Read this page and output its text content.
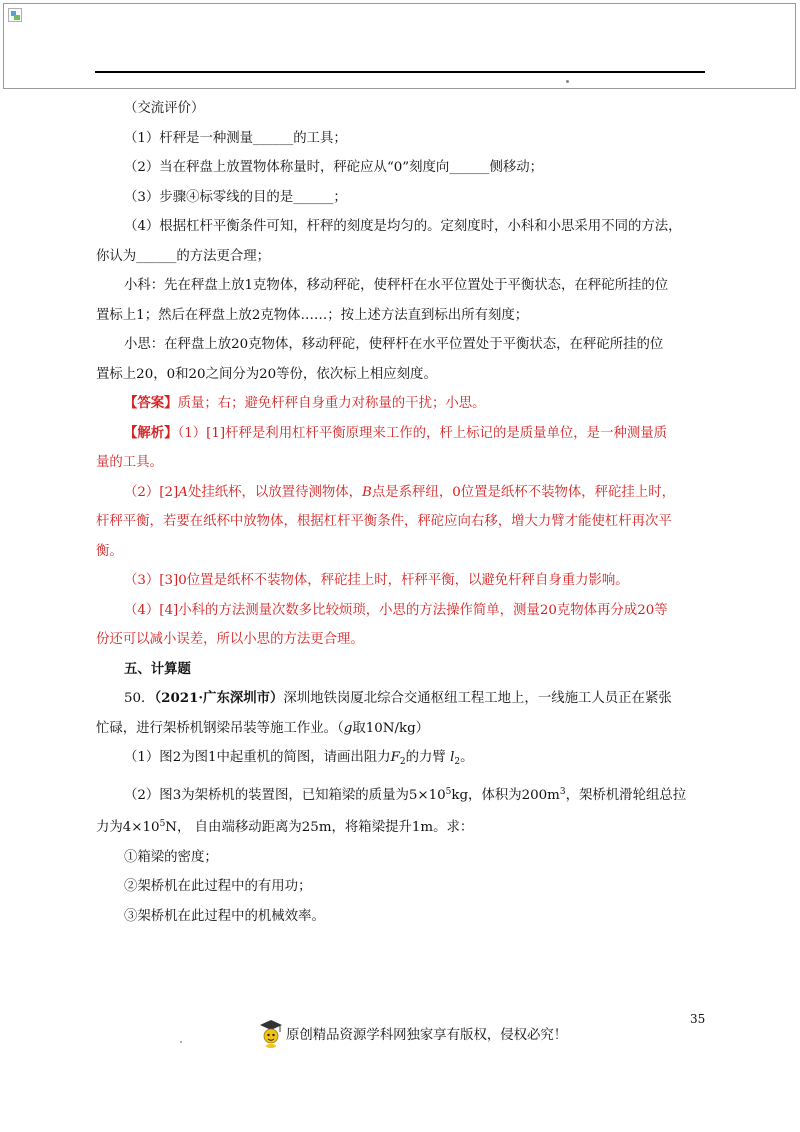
（交流评价）
（1）杆秤是一种测量______的工具；
（2）当在秤盘上放置物体称量时，秤砣应从“0”刻度向______侧移动；
（3）步骤④标零线的目的是______；
（4）根据杠杆平衡条件可知，杆秤的刻度是均匀的。定刻度时，小科和小思采用不同的方法，
你认为______的方法更合理；
小科：先在秤盘上放1克物体，移动秤砣，使秤杆在水平位置处于平衡状态，在秤砣所挂的位
置标上1；然后在秤盘上放2克物体……；按上述方法直到标出所有刻度；
小思：在秤盘上放20克物体，移动秤砣，使秤杆在水平位置处于平衡状态，在秤砣所挂的位
置标上20，0和20之间分为20等份，依次标上相应刻度。
【答案】质量；右；避免杆秤自身重力对称量的干扰；小思。
【解析】（1）[1]杆秤是利用杠杆平衡原理来工作的，杆上标记的是质量单位，是一种测量质
量的工具。
（2）[2]A处挂纸杯，以放置待测物体，B点是系秤纽，0位置是纸杯不装物体，秤砣挂上时，
杆秤平衡，若要在纸杯中放物体，根据杠杆平衡条件，秤砣应向右移，增大力臂才能使杠杆再次平
衡。
（3）[3]0位置是纸杯不装物体，秤砣挂上时，杆秤平衡，以避免杆秤自身重力影响。
（4）[4]小科的方法测量次数多比较烦琐，小思的方法操作简单，测量20克物体再分成20等
份还可以减小误差，所以小思的方法更合理。
五、计算题
50．（2021·广东深圳市）深圳地铁岗厦北综合交通枢纽工程工地上，一线施工人员正在紧张
忙碌，进行架桥机钢梁吊装等施工作业。（g取10N/kg）
（1）图2为图1中起重机的简图，请画出阻力$F_2$的力臂 $l_2$。
（2）图3为架桥机的装置图，已知箱梁的质量为$5\times 10^5kg$，体积为$200m^3$，架桥机滑轮组总拉
力为$4\times 10^5N$， 自由端移动距离为25m，将箱梁提升1m。求：
①箱梁的密度；
②架桥机在此过程中的有用功；
③架桥机在此过程中的机械效率。
35
原创精品资源学科网独家享有版权，侵权必究！
